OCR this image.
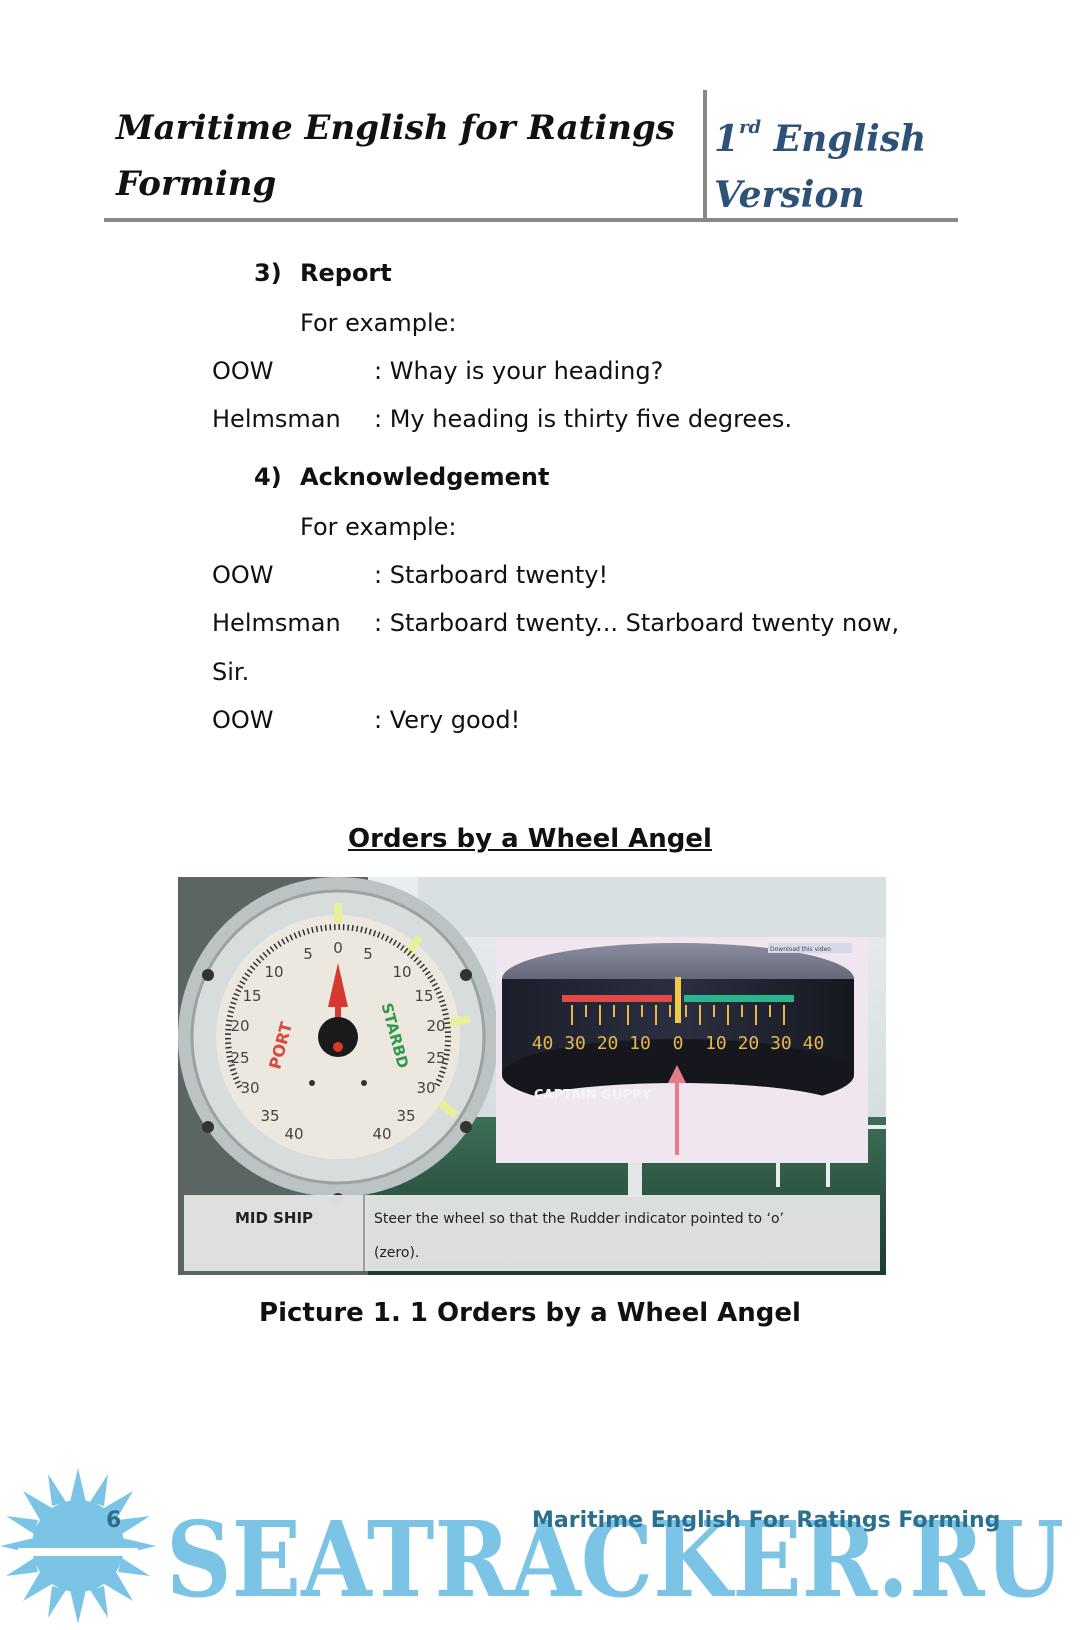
Maritime English for Ratings
Forming
1rd English
Version
3) Report
For example:
OOW	: Whay is your heading?
Helmsman : My heading is thirty five degrees.
4) Acknowledgement
For example:
OOW	: Starboard twenty!
Helmsman : Starboard twenty... Starboard twenty now,
Sir.
OOW	: Very good!
Orders by a Wheel Angel
5 0 5
10
15
20
25
30
35
40
10
15
20
25
30
35
40
PORT	STARBD	40 30 20 10  0  10 20 30 40
CAPTAIN GUPPY
Download this video
MID SHIP	Steer the wheel so that the Rudder indicator pointed to ‘o’
(zero).
Picture 1. 1 Orders by a Wheel Angel
SEATRACKER.RU
6	Maritime English For Ratings Forming
